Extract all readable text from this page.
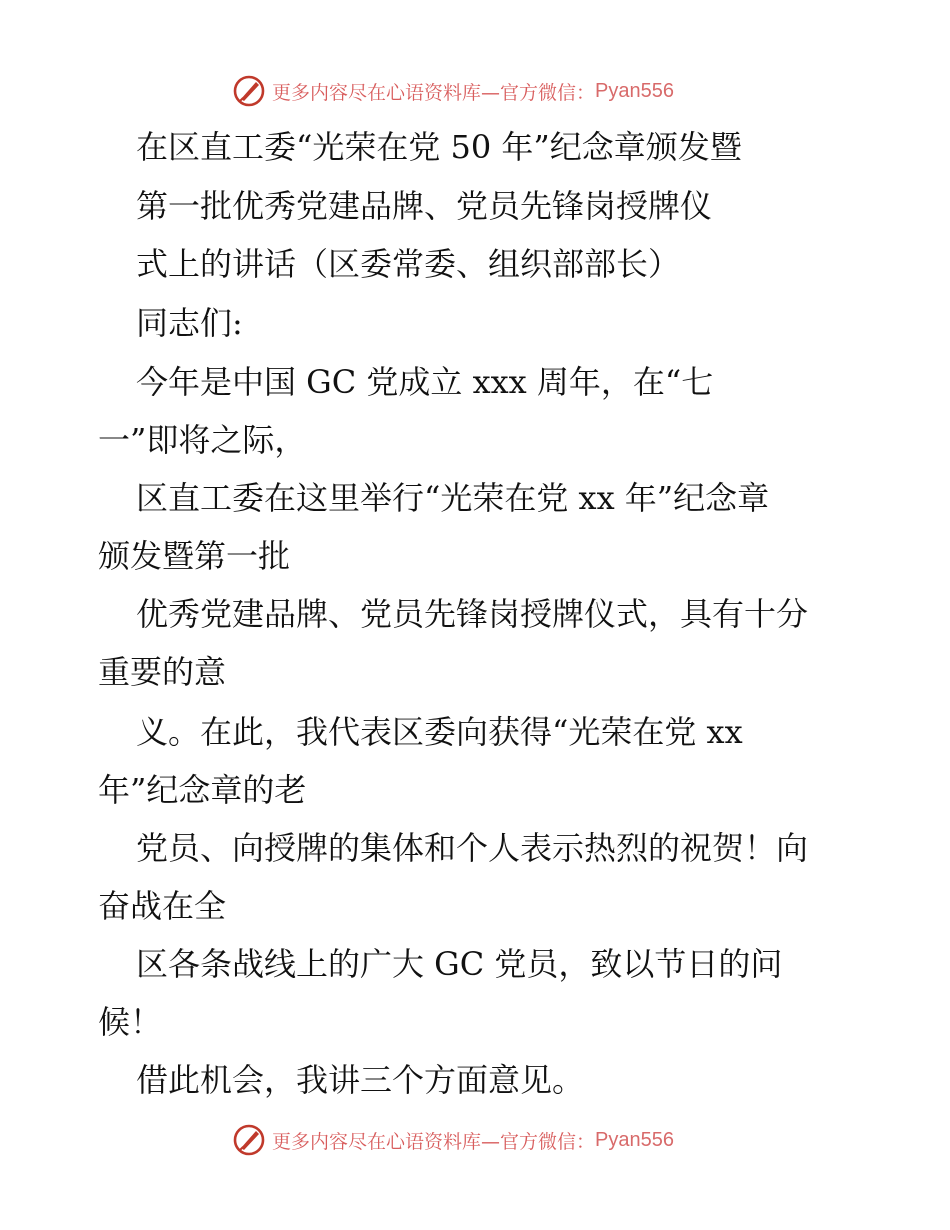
更多内容尽在心语资料库—官方微信： Pyan556
在区直工委“光荣在党 50 年”纪念章颁发暨
第一批优秀党建品牌、党员先锋岗授牌仪
式上的讲话（区委常委、组织部部长）
同志们:
今年是中国 GC 党成立 xxx 周年，在“七
一”即将之际，
区直工委在这里举行“光荣在党 xx 年”纪念章
颁发暨第一批
优秀党建品牌、党员先锋岗授牌仪式，具有十分
重要的意
义。在此，我代表区委向获得“光荣在党 xx
年”纪念章的老
党员、向授牌的集体和个人表示热烈的祝贺！向
奋战在全
区各条战线上的广大 GC 党员，致以节日的问
候！
借此机会，我讲三个方面意见。
更多内容尽在心语资料库—官方微信： Pyan556
